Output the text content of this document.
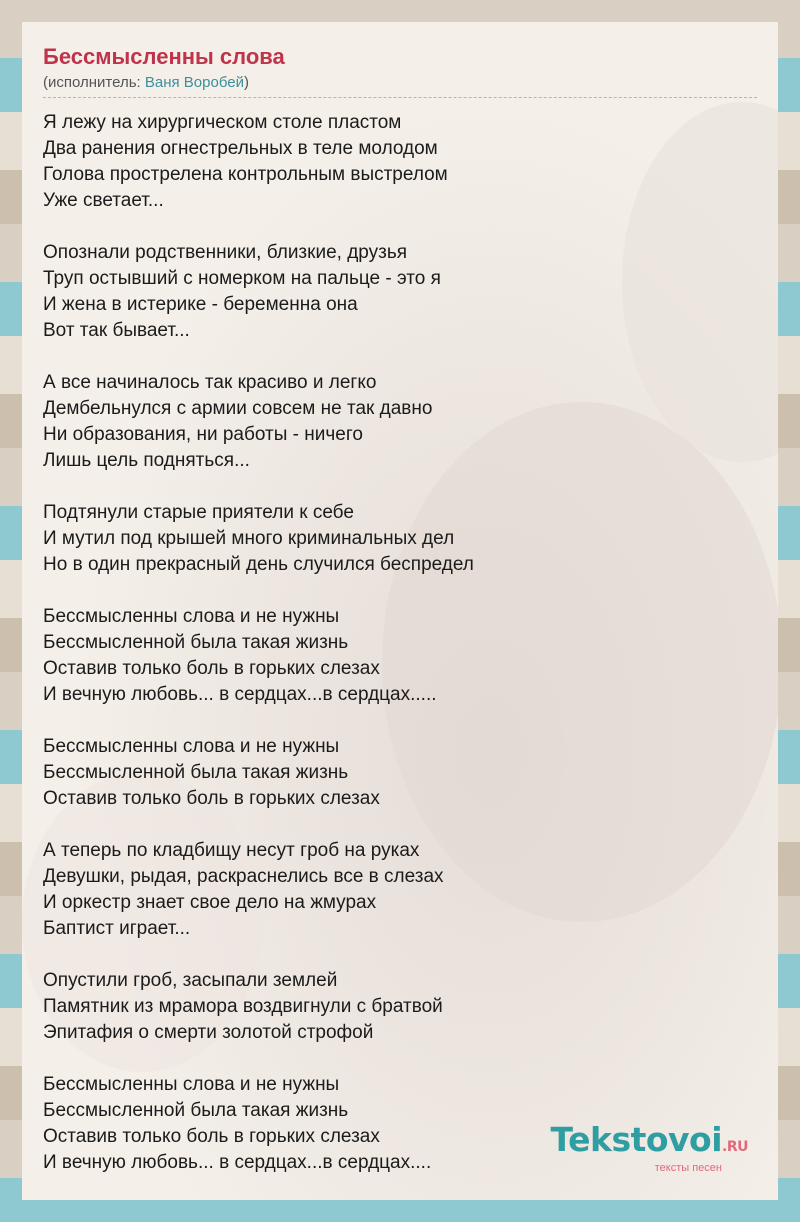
Бессмысленны слова
(исполнитель: Ваня Воробей)
Я лежу на хирургическом столе пластом
Два ранения огнестрельных в теле молодом
Голова прострелена контрольным выстрелом
Уже светает...
Опознали родственники, близкие, друзья
Труп остывший с номерком на пальце - это я
И жена в истерике - беременна она
Вот так бывает...
А все начиналось так красиво и легко
Дембельнулся с армии совсем не так давно
Ни образования, ни работы - ничего
Лишь цель подняться...
Подтянули старые приятели к себе
И мутил под крышей много криминальных дел
Но в один прекрасный день случился беспредел
Бессмысленны слова и не нужны
Бессмысленной была такая жизнь
Оставив только боль в горьких слезах
И вечную любовь... в сердцах...в сердцах.....
Бессмысленны слова и не нужны
Бессмысленной была такая жизнь
Оставив только боль в горьких слезах
А теперь по кладбищу несут гроб на руках
Девушки, рыдая, раскраснелись все в слезах
И оркестр знает свое дело на жмурах
Баптист играет...
Опустили гроб, засыпали землей
Памятник из мрамора воздвигнули с братвой
Эпитафия о смерти золотой строфой
Бессмысленны слова и не нужны
Бессмысленной была такая жизнь
Оставив только боль в горьких слезах
И вечную любовь... в сердцах...в сердцах....
Tekstovoi.RU
тексты песен
